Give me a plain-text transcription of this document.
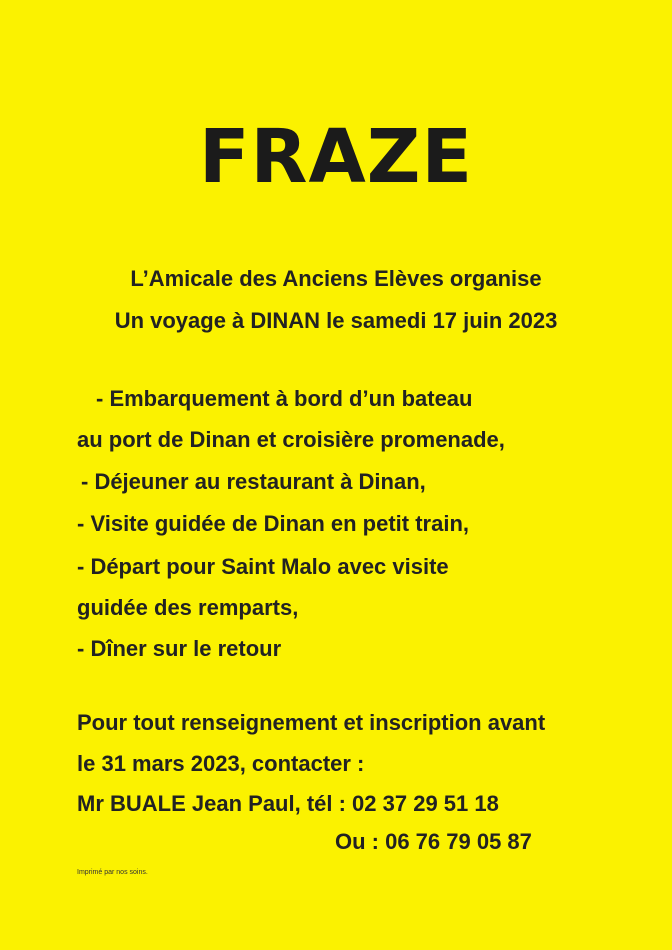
FRAZE
L’Amicale des Anciens Elèves organise
Un voyage à DINAN le samedi 17 juin 2023
- Embarquement à bord d’un bateau
au port de Dinan et croisière promenade,
- Déjeuner au restaurant à Dinan,
- Visite guidée de Dinan en petit train,
- Départ pour Saint Malo avec visite
guidée des remparts,
- Dîner sur le retour
Pour tout renseignement et inscription avant
le 31 mars 2023, contacter :
Mr BUALE Jean Paul, tél : 02 37 29 51 18
Ou : 06 76 79 05 87
Imprimé par nos soins.
